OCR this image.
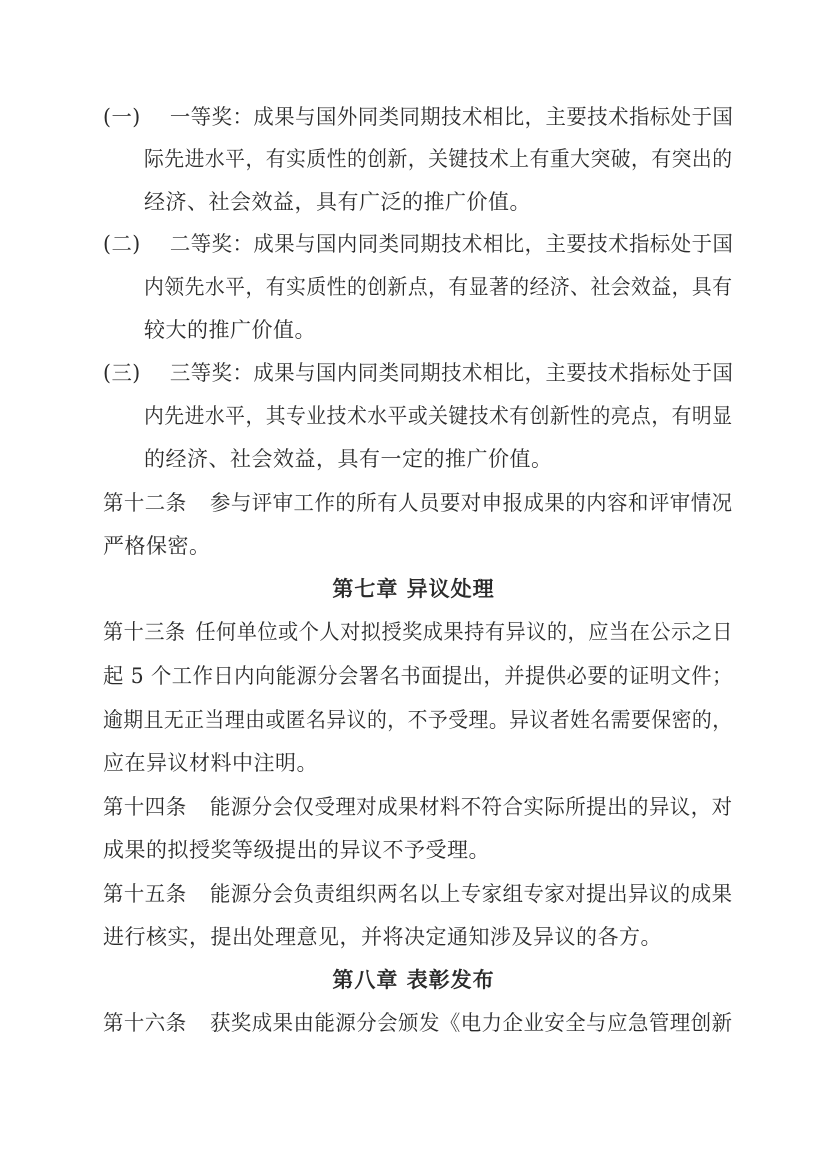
(一) 一等奖：成果与国外同类同期技术相比，主要技术指标处于国
际先进水平，有实质性的创新，关键技术上有重大突破，有突出的
经济、社会效益，具有广泛的推广价值。
(二) 二等奖：成果与国内同类同期技术相比，主要技术指标处于国
内领先水平，有实质性的创新点，有显著的经济、社会效益，具有
较大的推广价值。
(三) 三等奖：成果与国内同类同期技术相比，主要技术指标处于国
内先进水平，其专业技术水平或关键技术有创新性的亮点，有明显
的经济、社会效益，具有一定的推广价值。
第十二条 参与评审工作的所有人员要对申报成果的内容和评审情况
严格保密。
第七章 异议处理
第十三条 任何单位或个人对拟授奖成果持有异议的，应当在公示之日
起 5 个工作日内向能源分会署名书面提出，并提供必要的证明文件；
逾期且无正当理由或匿名异议的，不予受理。异议者姓名需要保密的，
应在异议材料中注明。
第十四条 能源分会仅受理对成果材料不符合实际所提出的异议，对
成果的拟授奖等级提出的异议不予受理。
第十五条 能源分会负责组织两名以上专家组专家对提出异议的成果
进行核实，提出处理意见，并将决定通知涉及异议的各方。
第八章 表彰发布
第十六条 获奖成果由能源分会颁发《电力企业安全与应急管理创新
